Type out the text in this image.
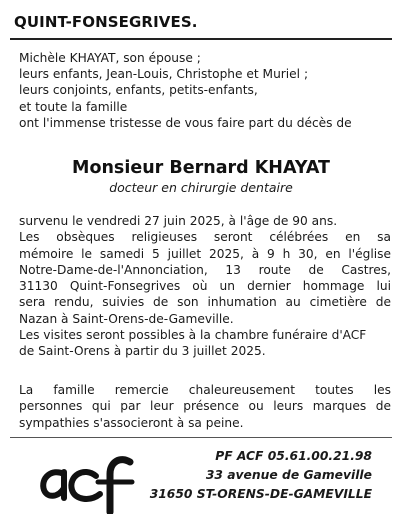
QUINT-FONSEGRIVES.
Michèle KHAYAT, son épouse ;
leurs enfants, Jean-Louis, Christophe et Muriel ;
leurs conjoints, enfants, petits-enfants,
et toute la famille
ont l'immense tristesse de vous faire part du décès de
Monsieur Bernard KHAYAT
docteur en chirurgie dentaire
survenu le vendredi 27 juin 2025, à l'âge de 90 ans.
Les obsèques religieuses seront célébrées en sa
mémoire le samedi 5 juillet 2025, à 9 h 30, en l'église
Notre-Dame-de-l'Annonciation, 13 route de Castres,
31130 Quint-Fonsegrives où un dernier hommage lui
sera rendu, suivies de son inhumation au cimetière de
Nazan à Saint-Orens-de-Gameville.
Les visites seront possibles à la chambre funéraire d'ACF
de Saint-Orens à partir du 3 juillet 2025.
La famille remercie chaleureusement toutes les
personnes qui par leur présence ou leurs marques de
sympathies s'associeront à sa peine.
PF ACF 05.61.00.21.98
33 avenue de Gameville
31650 ST-ORENS-DE-GAMEVILLE
